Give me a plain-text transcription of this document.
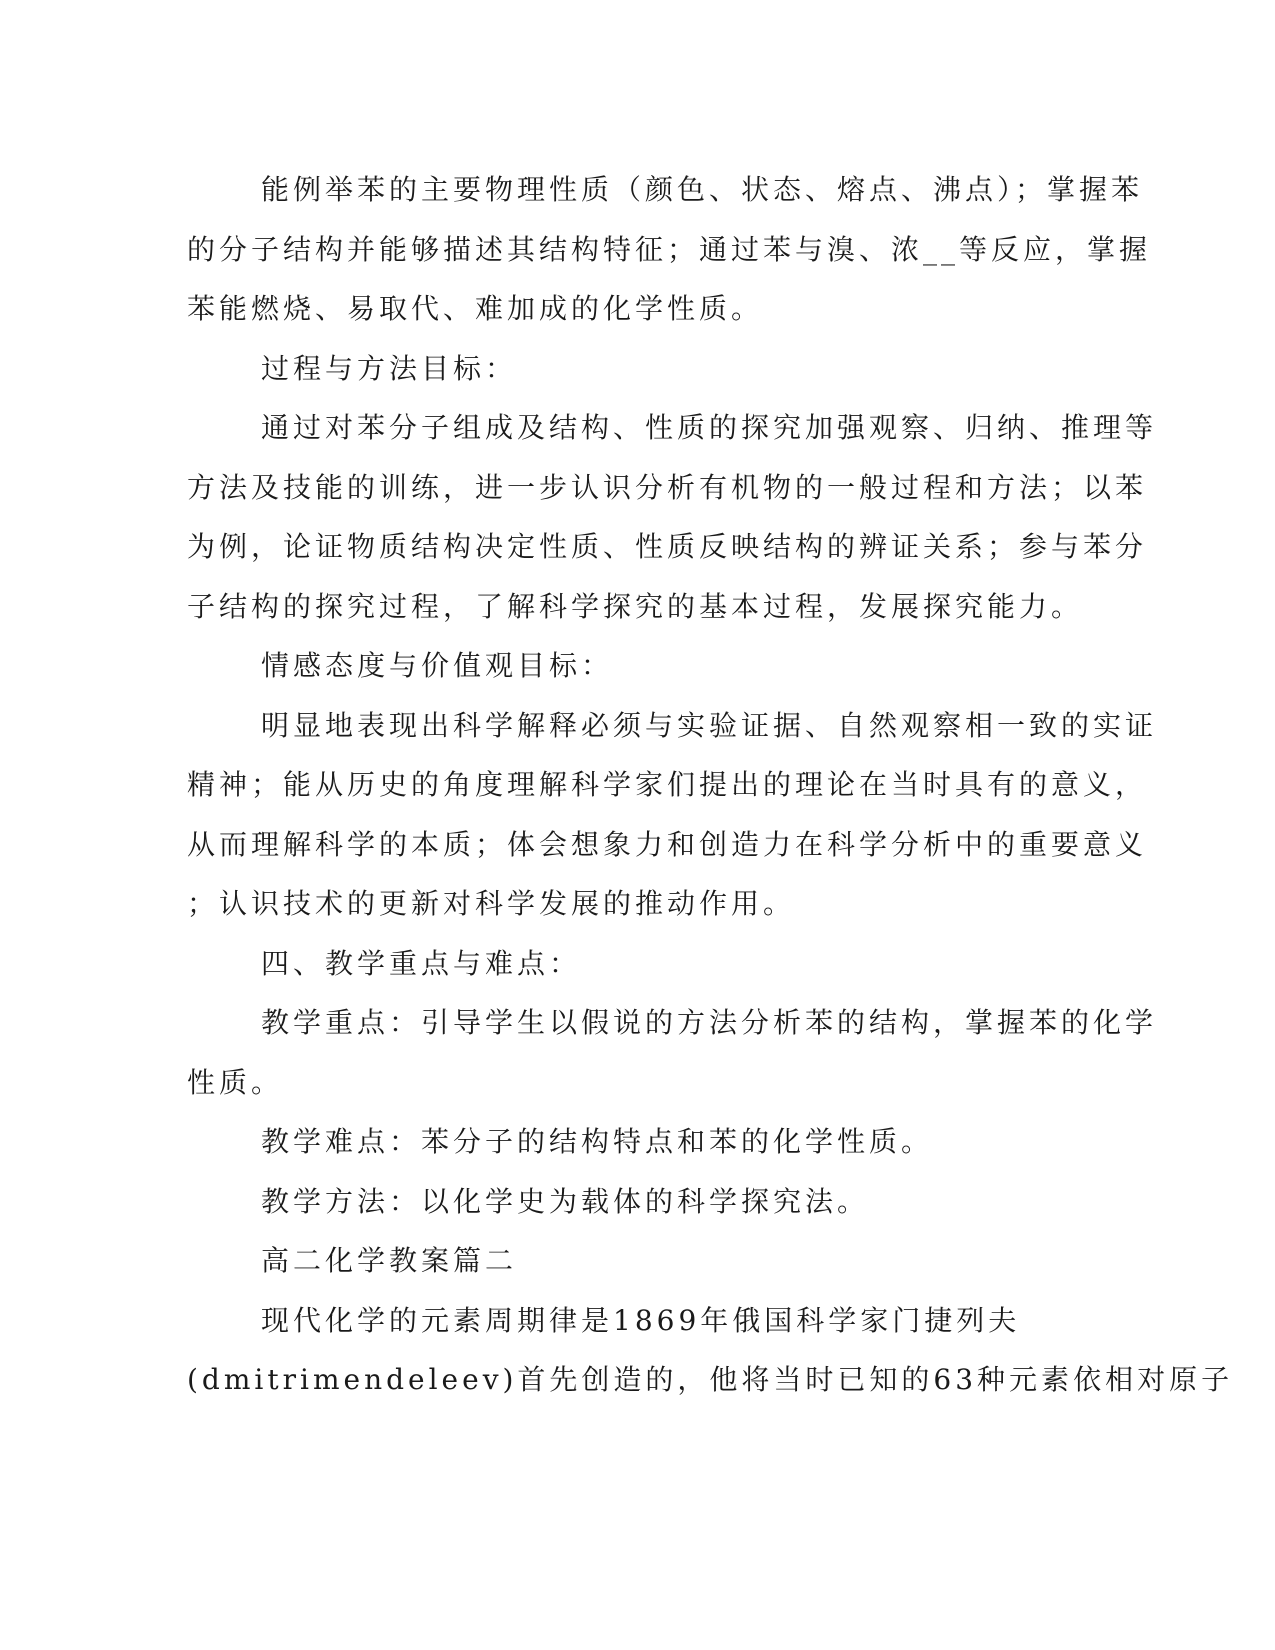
能例举苯的主要物理性质（颜色、状态、熔点、沸点）；掌握苯
的分子结构并能够描述其结构特征；通过苯与溴、浓__等反应，掌握
苯能燃烧、易取代、难加成的化学性质。

过程与方法目标：

通过对苯分子组成及结构、性质的探究加强观察、归纳、推理等
方法及技能的训练，进一步认识分析有机物的一般过程和方法；以苯
为例，论证物质结构决定性质、性质反映结构的辨证关系；参与苯分
子结构的探究过程，了解科学探究的基本过程，发展探究能力。

情感态度与价值观目标：

明显地表现出科学解释必须与实验证据、自然观察相一致的实证
精神；能从历史的角度理解科学家们提出的理论在当时具有的意义，
从而理解科学的本质；体会想象力和创造力在科学分析中的重要意义
；认识技术的更新对科学发展的推动作用。

四、教学重点与难点：

教学重点：引导学生以假说的方法分析苯的结构，掌握苯的化学
性质。

教学难点：苯分子的结构特点和苯的化学性质。

教学方法：以化学史为载体的科学探究法。

高二化学教案篇二

现代化学的元素周期律是1869年俄国科学家门捷列夫
(dmitrimendeleev)首先创造的，他将当时已知的63种元素依相对原子
